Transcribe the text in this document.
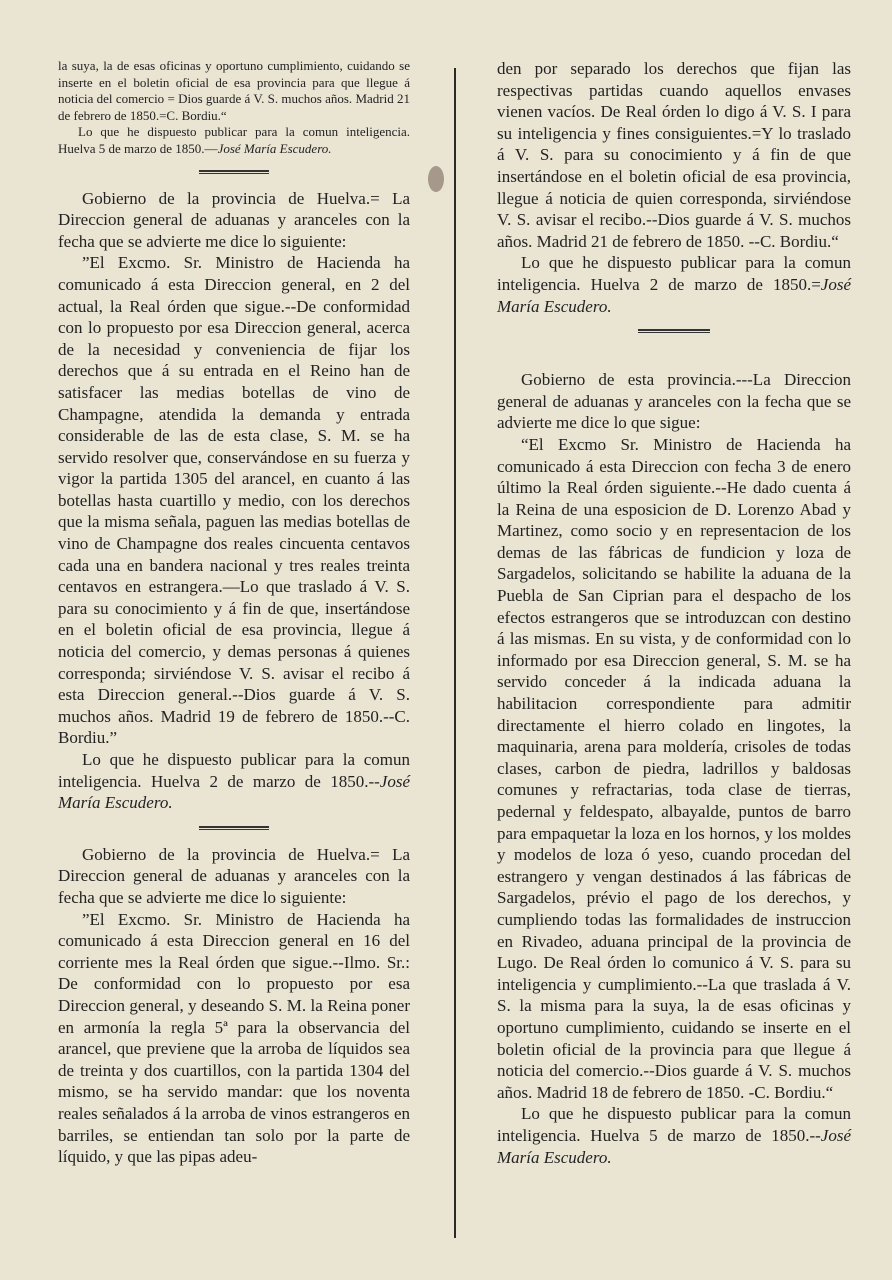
la suya, la de esas oficinas y oportuno cumplimiento, cuidando se inserte en el boletin oficial de esa provincia para que llegue á noticia del comercio = Dios guarde á V. S. muchos años. Madrid 21 de febrero de 1850.=C. Bordiu.“

Lo que he dispuesto publicar para la comun inteligencia. Huelva 5 de marzo de 1850.—José María Escudero.

Gobierno de la provincia de Huelva.= La Direccion general de aduanas y aranceles con la fecha que se advierte me dice lo siguiente:

”El Excmo. Sr. Ministro de Hacienda ha comunicado á esta Direccion general, en 2 del actual, la Real órden que sigue.--De conformidad con lo propuesto por esa Direccion general, acerca de la necesidad y conveniencia de fijar los derechos que á su entrada en el Reino han de satisfacer las medias botellas de vino de Champagne, atendida la demanda y entrada considerable de las de esta clase, S. M. se ha servido resolver que, conservándose en su fuerza y vigor la partida 1305 del arancel, en cuanto á las botellas hasta cuartillo y medio, con los derechos que la misma señala, paguen las medias botellas de vino de Champagne dos reales cincuenta centavos cada una en bandera nacional y tres reales treinta centavos en estrangera.—Lo que traslado á V. S. para su conocimiento y á fin de que, insertándose en el boletin oficial de esa provincia, llegue á noticia del comercio, y demas personas á quienes corresponda; sirviéndose V. S. avisar el recibo á esta Direccion general.--Dios guarde á V. S. muchos años. Madrid 19 de febrero de 1850.--C. Bordiu.”

Lo que he dispuesto publicar para la comun inteligencia. Huelva 2 de marzo de 1850.--José María Escudero.

Gobierno de la provincia de Huelva.= La Direccion general de aduanas y aranceles con la fecha que se advierte me dice lo siguiente:

”El Excmo. Sr. Ministro de Hacienda ha comunicado á esta Direccion general en 16 del corriente mes la Real órden que sigue.--Ilmo. Sr.: De conformidad con lo propuesto por esa Direccion general, y deseando S. M. la Reina poner en armonía la regla 5ª para la observancia del arancel, que previene que la arroba de líquidos sea de treinta y dos cuartillos, con la partida 1304 del mismo, se ha servido mandar: que los noventa reales señalados á la arroba de vinos estrangeros en barriles, se entiendan tan solo por la parte de líquido, y que las pipas adeu-

den por separado los derechos que fijan las respectivas partidas cuando aquellos envases vienen vacíos. De Real órden lo digo á V. S. I para su inteligencia y fines consiguientes.=Y lo traslado á V. S. para su conocimiento y á fin de que insertándose en el boletin oficial de esa provincia, llegue á noticia de quien corresponda, sirviéndose V. S. avisar el recibo.--Dios guarde á V. S. muchos años. Madrid 21 de febrero de 1850. --C. Bordiu.“

Lo que he dispuesto publicar para la comun inteligencia. Huelva 2 de marzo de 1850.=José María Escudero.

Gobierno de esta provincia.---La Direccion general de aduanas y aranceles con la fecha que se advierte me dice lo que sigue:

“El Excmo Sr. Ministro de Hacienda ha comunicado á esta Direccion con fecha 3 de enero último la Real órden siguiente.--He dado cuenta á la Reina de una esposicion de D. Lorenzo Abad y Martinez, como socio y en representacion de los demas de las fábricas de fundicion y loza de Sargadelos, solicitando se habilite la aduana de la Puebla de San Ciprian para el despacho de los efectos estrangeros que se introduzcan con destino á las mismas. En su vista, y de conformidad con lo informado por esa Direccion general, S. M. se ha servido conceder á la indicada aduana la habilitacion correspondiente para admitir directamente el hierro colado en lingotes, la maquinaria, arena para moldería, crisoles de todas clases, carbon de piedra, ladrillos y baldosas comunes y refractarias, toda clase de tierras, pedernal y feldespato, albayalde, puntos de barro para empaquetar la loza en los hornos, y los moldes y modelos de loza ó yeso, cuando procedan del estrangero y vengan destinados á las fábricas de Sargadelos, prévio el pago de los derechos, y cumpliendo todas las formalidades de instruccion en Rivadeo, aduana principal de la provincia de Lugo. De Real órden lo comunico á V. S. para su inteligencia y cumplimiento.--La que traslada á V. S. la misma para la suya, la de esas oficinas y oportuno cumplimiento, cuidando se inserte en el boletin oficial de la provincia para que llegue á noticia del comercio.--Dios guarde á V. S. muchos años. Madrid 18 de febrero de 1850. -C. Bordiu.“

Lo que he dispuesto publicar para la comun inteligencia. Huelva 5 de marzo de 1850.--José María Escudero.
